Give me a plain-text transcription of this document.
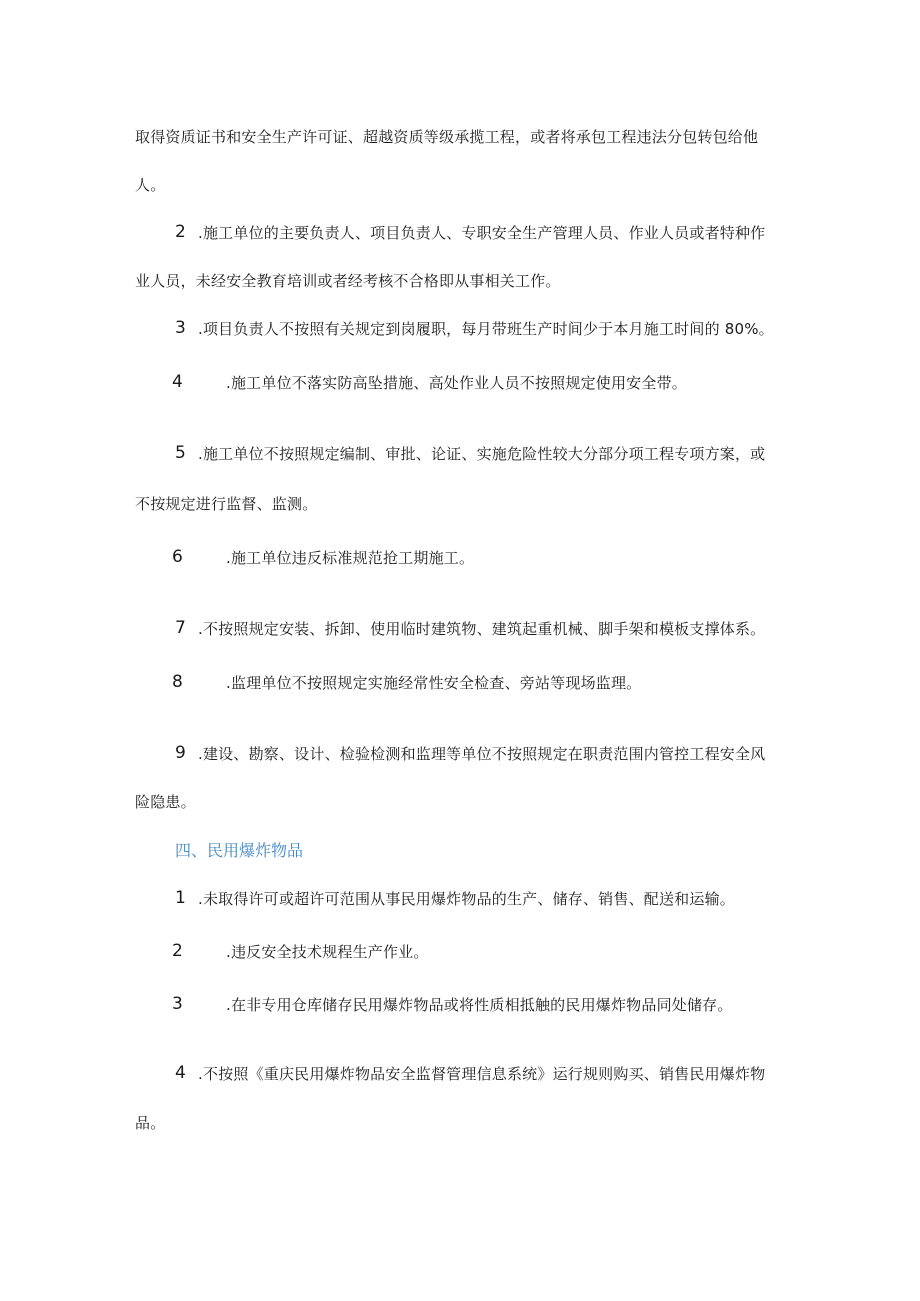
取得资质证书和安全生产许可证、超越资质等级承揽工程，或者将承包工程违法分包转包给他
人。
2 .施工单位的主要负责人、项目负责人、专职安全生产管理人员、作业人员或者特种作
业人员，未经安全教育培训或者经考核不合格即从事相关工作。
3 .项目负责人不按照有关规定到岗履职，每月带班生产时间少于本月施工时间的 80%。
4	.施工单位不落实防高坠措施、高处作业人员不按照规定使用安全带。
5 .施工单位不按照规定编制、审批、论证、实施危险性较大分部分项工程专项方案，或
不按规定进行监督、监测。
6	.施工单位违反标准规范抢工期施工。
7 .不按照规定安装、拆卸、使用临时建筑物、建筑起重机械、脚手架和模板支撑体系。
8	.监理单位不按照规定实施经常性安全检查、旁站等现场监理。
9 .建设、勘察、设计、检验检测和监理等单位不按照规定在职责范围内管控工程安全风
险隐患。
四、民用爆炸物品
1 .未取得许可或超许可范围从事民用爆炸物品的生产、储存、销售、配送和运输。
2	.违反安全技术规程生产作业。
3	.在非专用仓库储存民用爆炸物品或将性质相抵触的民用爆炸物品同处储存。
4 .不按照《重庆民用爆炸物品安全监督管理信息系统》运行规则购买、销售民用爆炸物
品。
